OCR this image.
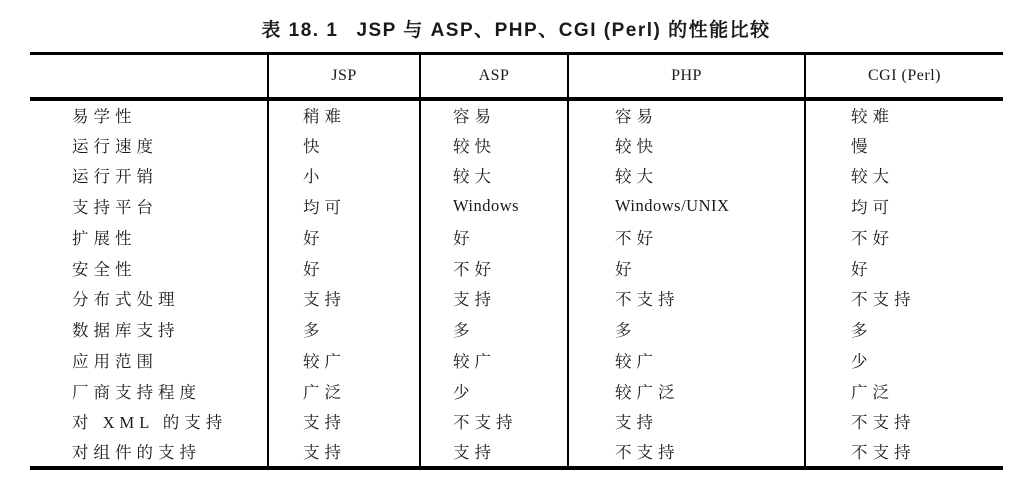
表 18. 1 JSP 与 ASP、PHP、CGI (Perl) 的性能比较
	JSP	ASP	PHP	CGI (Perl)
易学性	稍难	容易	容易	较难
运行速度	快	较快	较快	慢
运行开销	小	较大	较大	较大
支持平台	均可	Windows	Windows/UNIX	均可
扩展性	好	好	不好	不好
安全性	好	不好	好	好
分布式处理	支持	支持	不支持	不支持
数据库支持	多	多	多	多
应用范围	较广	较广	较广	少
厂商支持程度	广泛	少	较广泛	广泛
对 XML 的支持	支持	不支持	支持	不支持
对组件的支持	支持	支持	不支持	不支持
